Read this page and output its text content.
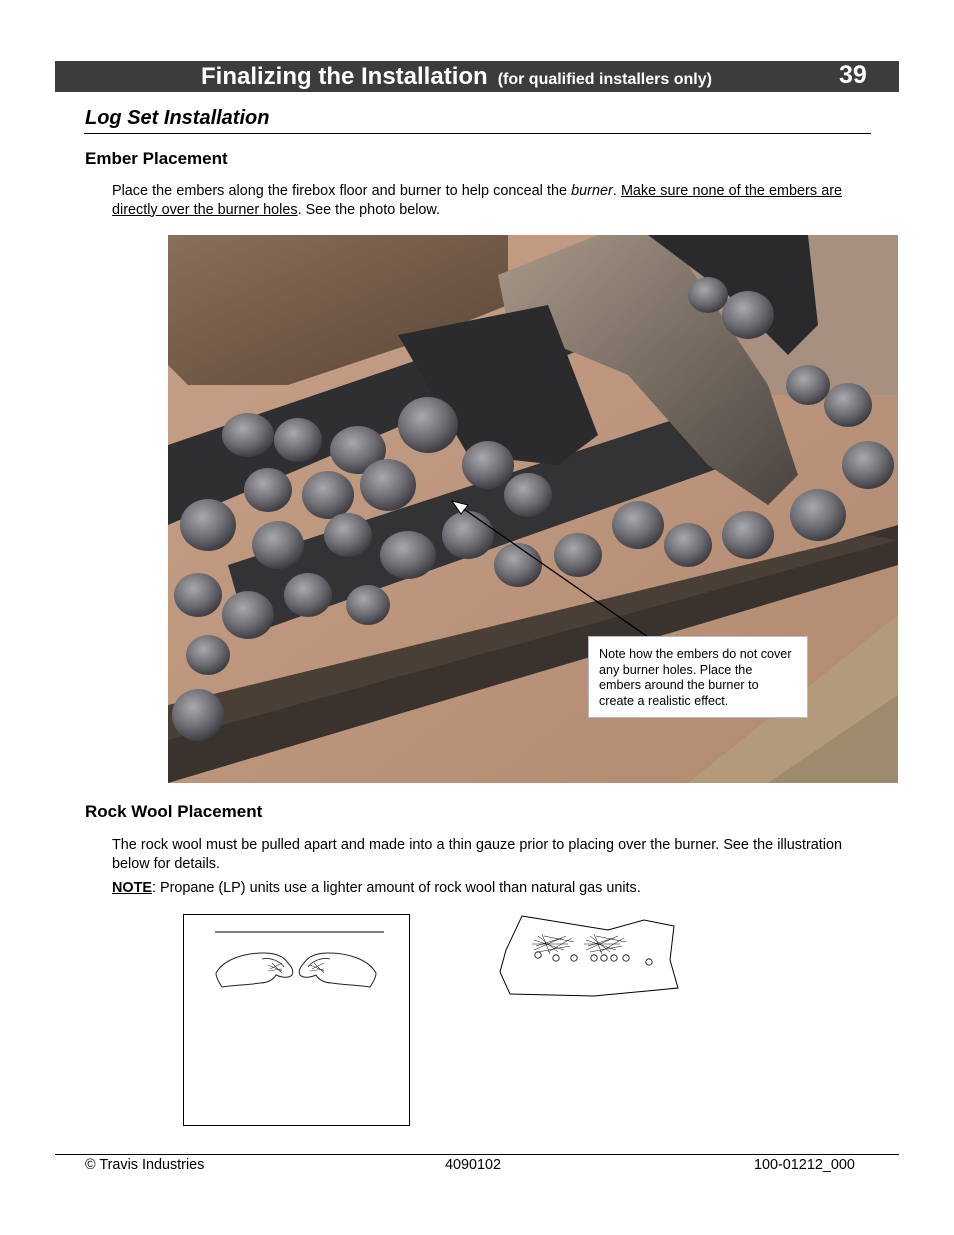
Finalizing the Installation (for qualified installers only)	39
Log Set Installation
Ember Placement

Place the embers along the firebox floor and burner to help conceal the burner. Make sure none of the embers are directly over the burner holes. See the photo below.

Note how the embers do not cover any burner holes. Place the embers around the burner to create a realistic effect.
Rock Wool Placement

The rock wool must be pulled apart and made into a thin gauze prior to placing over the burner. See the illustration below for details.

NOTE: Propane (LP) units use a lighter amount of rock wool than natural gas units.

© Travis Industries	4090102	100-01212_000
